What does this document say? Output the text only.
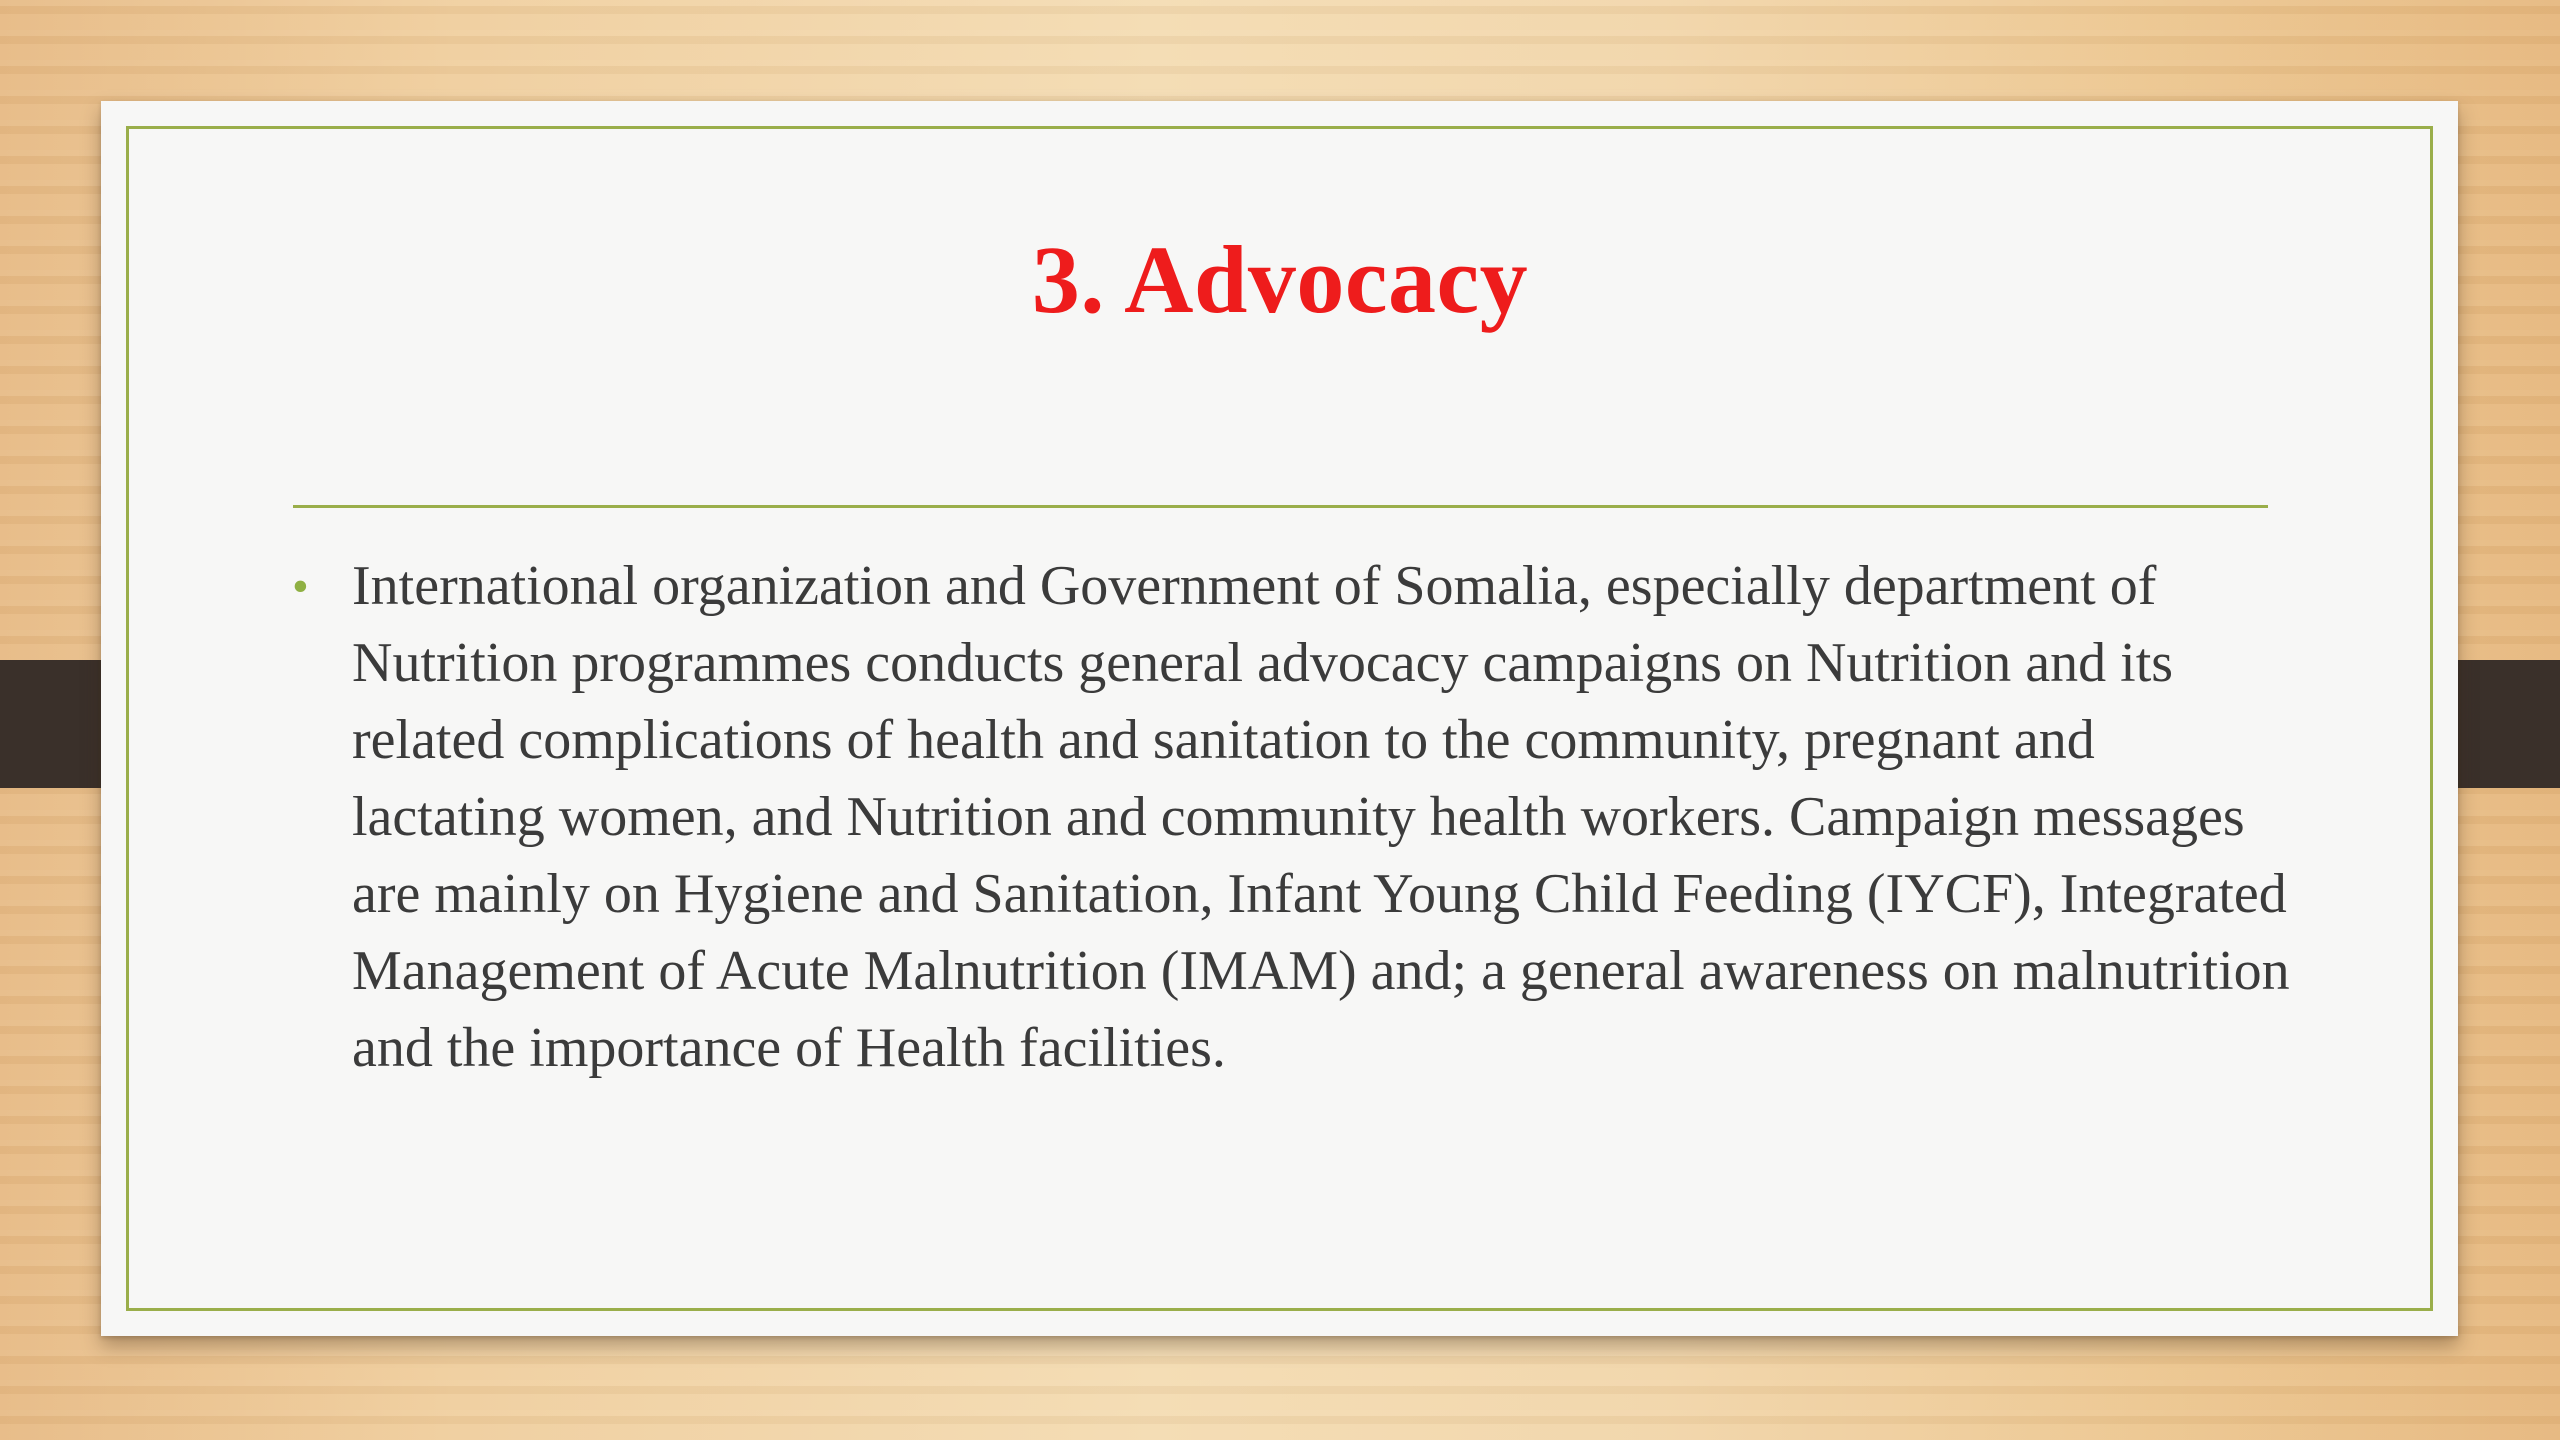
3. Advocacy
• International organization and Government of Somalia, especially department of Nutrition programmes conducts general advocacy campaigns on Nutrition and its related complications of health and sanitation to the community, pregnant and lactating women, and Nutrition and community health workers. Campaign messages are mainly on Hygiene and Sanitation, Infant Young Child Feeding (IYCF), Integrated Management of Acute Malnutrition (IMAM) and; a general awareness on malnutrition and the importance of Health facilities.
